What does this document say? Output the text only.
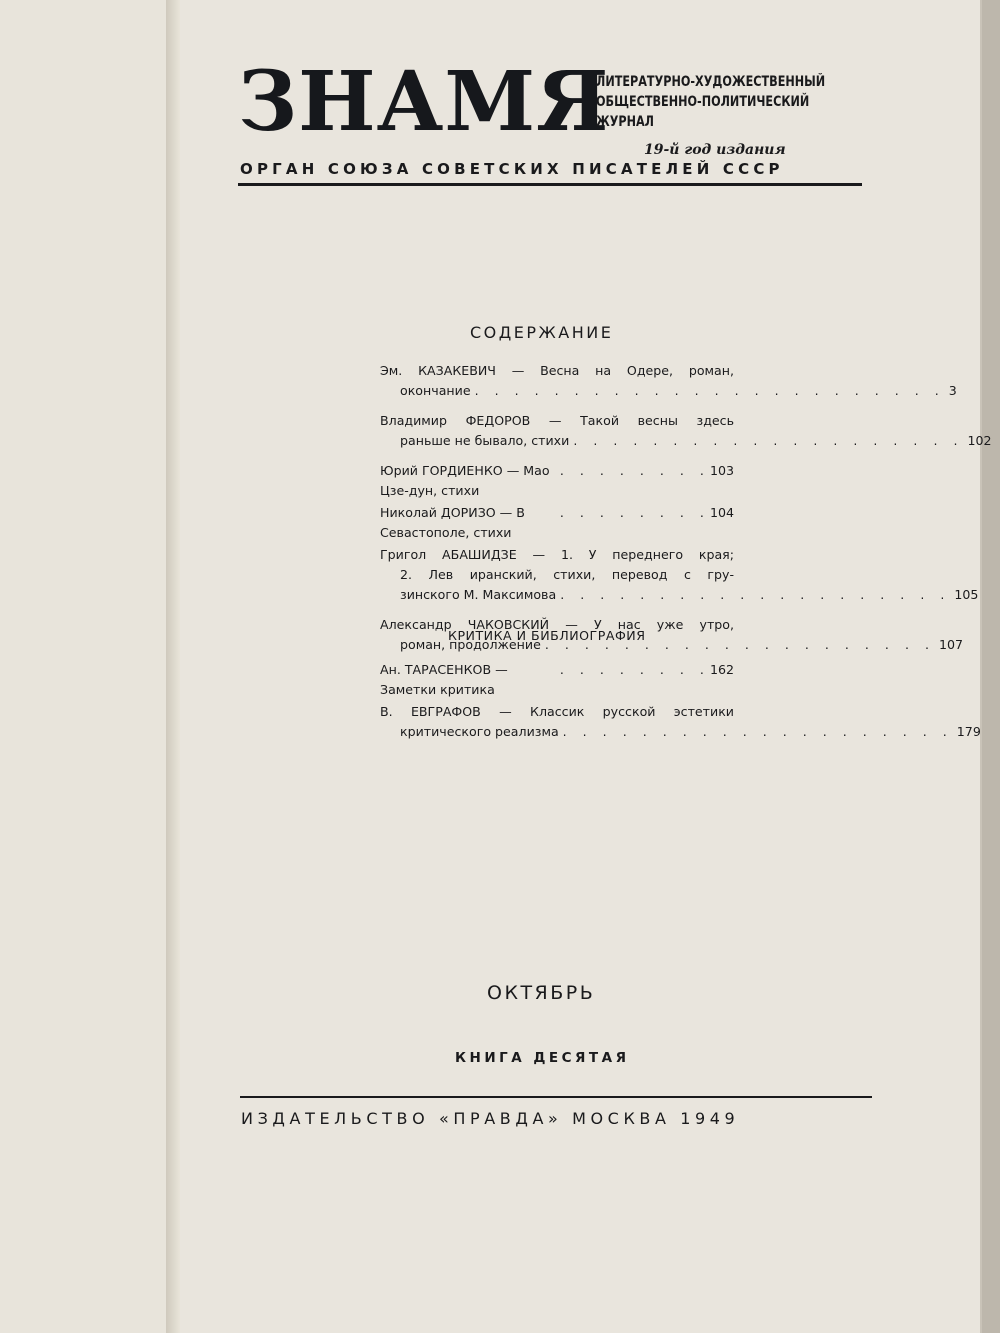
ЗНАМЯ
ЛИТЕРАТУРНО-ХУДОЖЕСТВЕННЫЙ
ОБЩЕСТВЕННО-ПОЛИТИЧЕСКИЙ
ЖУРНАЛ
19-й год издания
ОРГАН СОЮЗА СОВЕТСКИХ ПИСАТЕЛЕЙ СССР
СОДЕРЖАНИЕ
Эм. КАЗАКЕВИЧ — Весна на Одере, роман,
окончание . . . . . . . . . . . . . . . . . . . . . . . . 3
Владимир ФЕДОРОВ — Такой весны здесь
раньше не бывало, стихи . . . . . . . . . . . . . . . . . . . . 102
Юрий ГОРДИЕНКО — Мао Цзе-дун, стихи
. . . . . . . . 103
Николай ДОРИЗО — В Севастополе, стихи
. . . . . . . . 104
Григол АБАШИДЗЕ — 1. У переднего края;
2. Лев иранский, стихи, перевод с гру-
зинского М. Максимова . . . . . . . . . . . . . . . . . . . . 105
Александр ЧАКОВСКИЙ — У нас уже утро,
роман, продолжение . . . . . . . . . . . . . . . . . . . . 107
КРИТИКА И БИБЛИОГРАФИЯ
Ан. ТАРАСЕНКОВ — Заметки критика
. . . . . . . . 162
В. ЕВГРАФОВ — Классик русской эстетики
критического реализма . . . . . . . . . . . . . . . . . . . . 179
ОКТЯБРЬ
КНИГА ДЕСЯТАЯ
ИЗДАТЕЛЬСТВО «ПРАВДА» МОСКВА 1949
